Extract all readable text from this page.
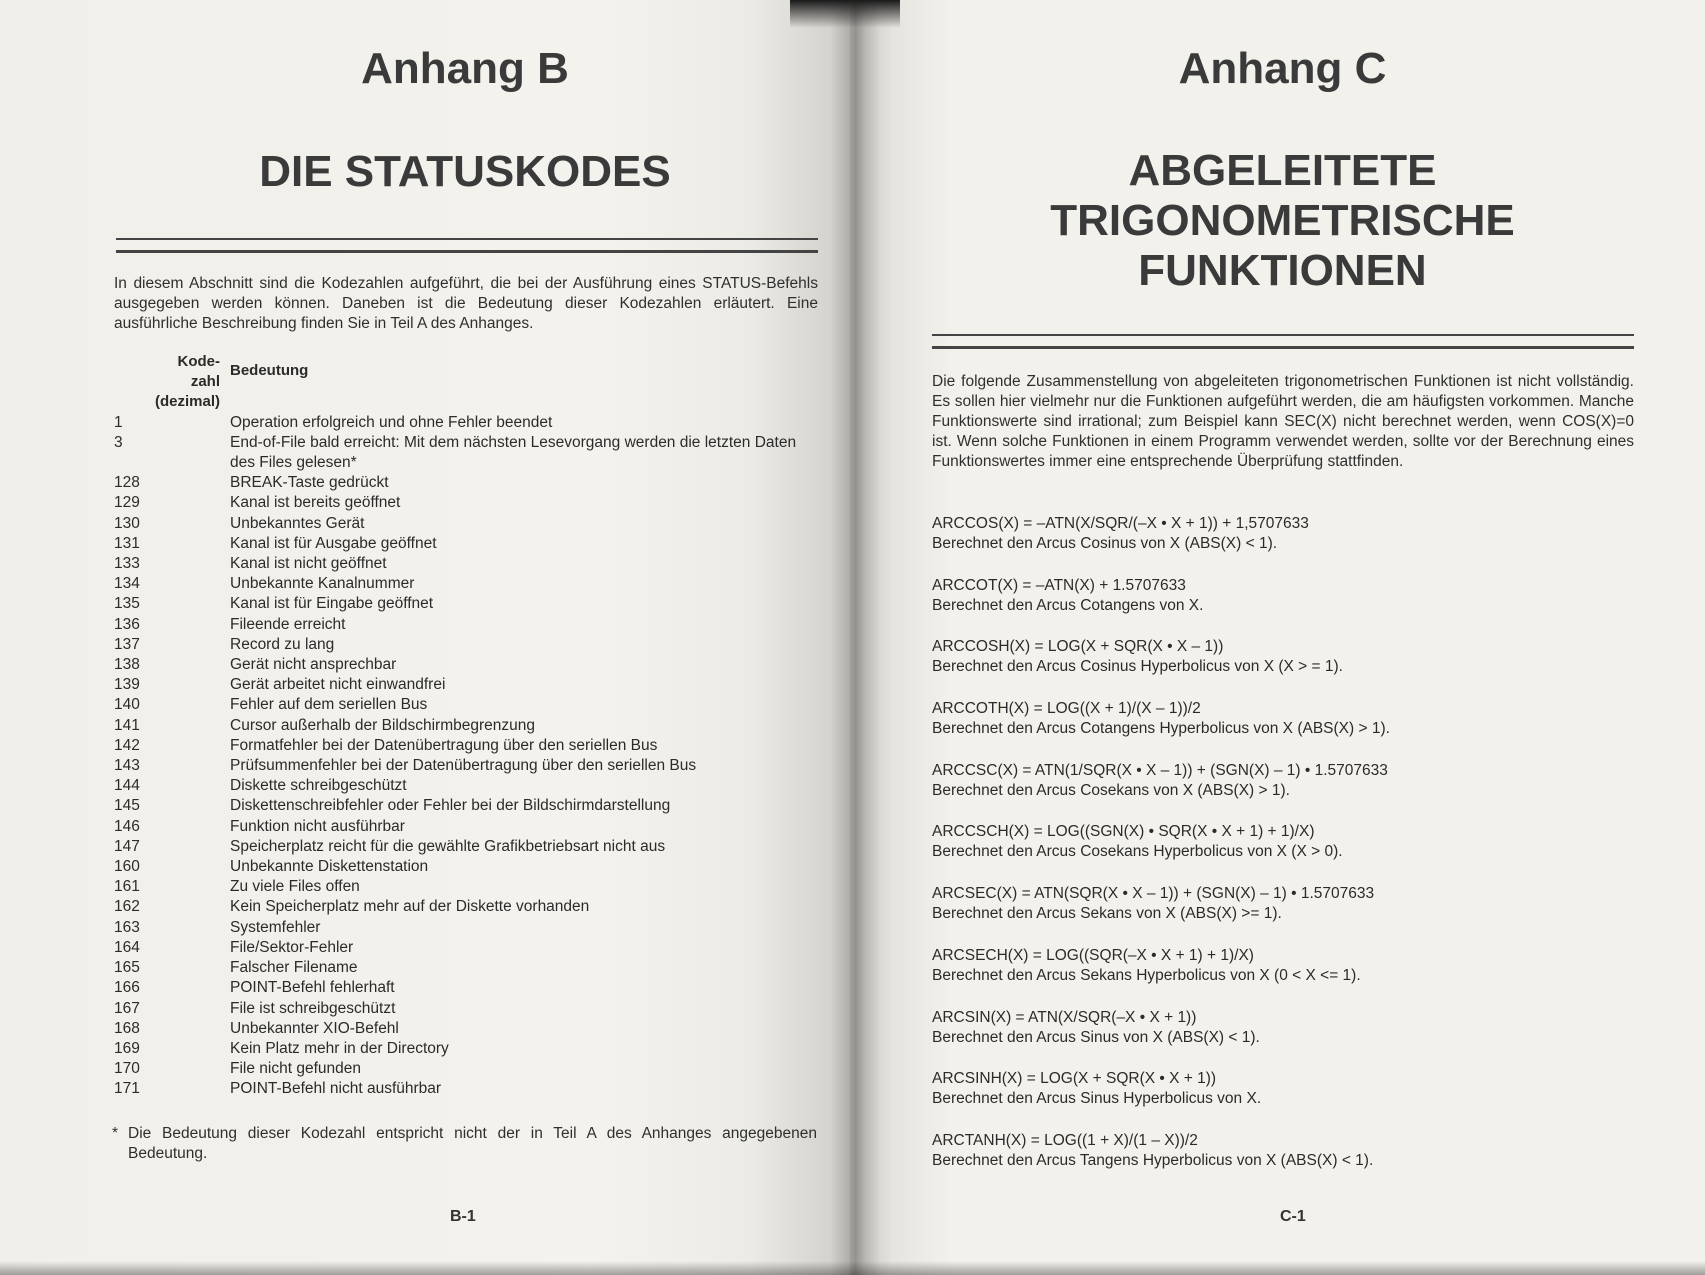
Anhang B
DIE STATUSKODES

In diesem Abschnitt sind die Kodezahlen aufgeführt, die bei der Ausführung eines STATUS-Befehls ausgegeben werden können. Daneben ist die Bedeutung dieser Kodezahlen erläutert. Eine ausführliche Beschreibung finden Sie in Teil A des Anhanges.

Kode-
zahl
(dezimal)	Bedeutung
1	Operation erfolgreich und ohne Fehler beendet
3	End-of-File bald erreicht: Mit dem nächsten Lesevorgang werden die letzten Daten des Files gelesen*
128	BREAK-Taste gedrückt
129	Kanal ist bereits geöffnet
130	Unbekanntes Gerät
131	Kanal ist für Ausgabe geöffnet
133	Kanal ist nicht geöffnet
134	Unbekannte Kanalnummer
135	Kanal ist für Eingabe geöffnet
136	Fileende erreicht
137	Record zu lang
138	Gerät nicht ansprechbar
139	Gerät arbeitet nicht einwandfrei
140	Fehler auf dem seriellen Bus
141	Cursor außerhalb der Bildschirmbegrenzung
142	Formatfehler bei der Datenübertragung über den seriellen Bus
143	Prüfsummenfehler bei der Datenübertragung über den seriellen Bus
144	Diskette schreibgeschützt
145	Diskettenschreibfehler oder Fehler bei der Bildschirmdarstellung
146	Funktion nicht ausführbar
147	Speicherplatz reicht für die gewählte Grafikbetriebsart nicht aus
160	Unbekannte Diskettenstation
161	Zu viele Files offen
162	Kein Speicherplatz mehr auf der Diskette vorhanden
163	Systemfehler
164	File/Sektor-Fehler
165	Falscher Filename
166	POINT-Befehl fehlerhaft
167	File ist schreibgeschützt
168	Unbekannter XIO-Befehl
169	Kein Platz mehr in der Directory
170	File nicht gefunden
171	POINT-Befehl nicht ausführbar

* Die Bedeutung dieser Kodezahl entspricht nicht der in Teil A des Anhanges angegebenen Bedeutung.

B-1
Anhang C
ABGELEITETE
TRIGONOMETRISCHE
FUNKTIONEN

Die folgende Zusammenstellung von abgeleiteten trigonometrischen Funktionen ist nicht vollständig. Es sollen hier vielmehr nur die Funktionen aufgeführt werden, die am häufigsten vorkommen. Manche Funktionswerte sind irrational; zum Beispiel kann SEC(X) nicht berechnet werden, wenn COS(X)=0 ist. Wenn solche Funktionen in einem Programm verwendet werden, sollte vor der Berechnung eines Funktionswertes immer eine entsprechende Überprüfung stattfinden.

ARCCOS(X) = –ATN(X/SQR/(–X • X + 1)) + 1,5707633
Berechnet den Arcus Cosinus von X (ABS(X) < 1).
ARCCOT(X) = –ATN(X) + 1.5707633
Berechnet den Arcus Cotangens von X.
ARCCOSH(X) = LOG(X + SQR(X • X – 1))
Berechnet den Arcus Cosinus Hyperbolicus von X (X > = 1).
ARCCOTH(X) = LOG((X + 1)/(X – 1))/2
Berechnet den Arcus Cotangens Hyperbolicus von X (ABS(X) > 1).
ARCCSC(X) = ATN(1/SQR(X • X – 1)) + (SGN(X) – 1) • 1.5707633
Berechnet den Arcus Cosekans von X (ABS(X) > 1).
ARCCSCH(X) = LOG((SGN(X) • SQR(X • X + 1) + 1)/X)
Berechnet den Arcus Cosekans Hyperbolicus von X (X > 0).
ARCSEC(X) = ATN(SQR(X • X – 1)) + (SGN(X) – 1) • 1.5707633
Berechnet den Arcus Sekans von X (ABS(X) >= 1).
ARCSECH(X) = LOG((SQR(–X • X + 1) + 1)/X)
Berechnet den Arcus Sekans Hyperbolicus von X (0 < X <= 1).
ARCSIN(X) = ATN(X/SQR(–X • X + 1))
Berechnet den Arcus Sinus von X (ABS(X) < 1).
ARCSINH(X) = LOG(X + SQR(X • X + 1))
Berechnet den Arcus Sinus Hyperbolicus von X.
ARCTANH(X) = LOG((1 + X)/(1 – X))/2
Berechnet den Arcus Tangens Hyperbolicus von X (ABS(X) < 1).
C-1
